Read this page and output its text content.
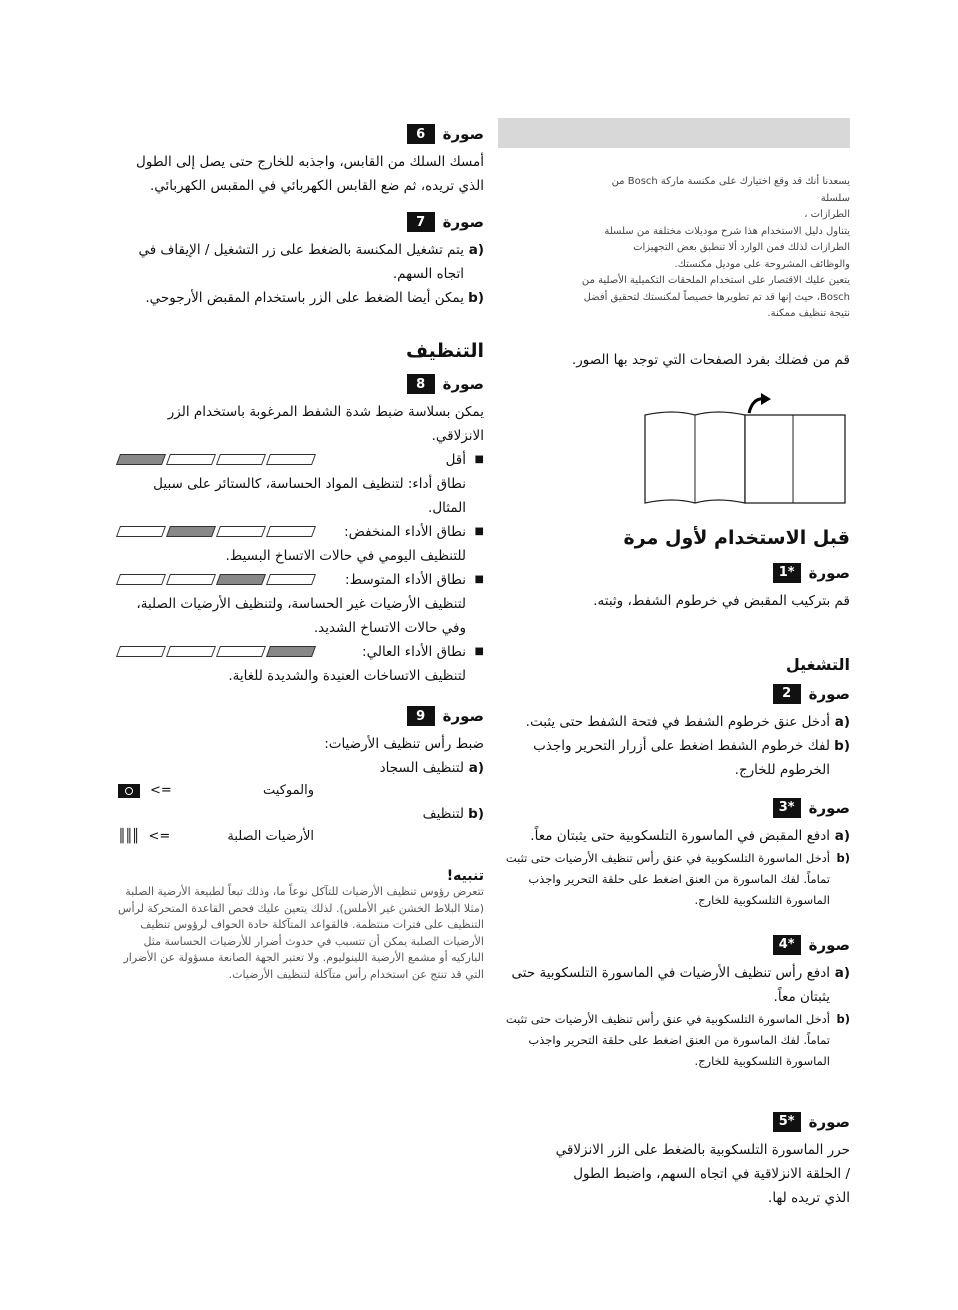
يسعدنا أنك قد وقع اختيارك على مكنسة ماركة Bosch من سلسلة
الطرازات ،
يتناول دليل الاستخدام هذا شرح موديلات مختلفة من سلسلة
الطرازات لذلك فمن الوارد ألا تنطبق بعض التجهيزات
والوظائف المشروحة على موديل مكنستك.
يتعين عليك الاقتصار على استخدام الملحقات التكميلية الأصلية من
Bosch، حيث إنها قد تم تطويرها خصيصاً لمكنستك لتحقيق أفضل
نتيجة تنظيف ممكنة.
قم من فضلك بفرد الصفحات التي توجد بها الصور.
قبل الاستخدام لأول مرة
صورة
1*

قم بتركيب المقبض في خرطوم الشفط، وثبته.

التشغيل
صورة
2
a)
أدخل عنق خرطوم الشفط في فتحة الشفط حتى يثبت.
b)
لفك خرطوم الشفط اضغط على أزرار التحرير واجذب الخرطوم للخارج.
صورة
3*
a)
ادفع المقبض في الماسورة التلسكوبية حتى يثبتان معاً.
b)
أدخل الماسورة التلسكوبية في عنق رأس تنظيف الأرضيات حتى تثبت تماماً. لفك الماسورة من العنق اضغط على حلقة التحرير واجذب الماسورة التلسكوبية للخارج.
صورة
4*
a)
ادفع رأس تنظيف الأرضيات في الماسورة التلسكوبية حتى يثبتان معاً.
b)
أدخل الماسورة التلسكوبية في عنق رأس تنظيف الأرضيات حتى تثبت تماماً. لفك الماسورة من العنق اضغط على حلقة التحرير واجذب الماسورة التلسكوبية للخارج.
صورة
5*

حرر الماسورة التلسكوبية بالضغط على الزر الانزلاقي / الحلقة الانزلاقية في اتجاه السهم، واضبط الطول الذي تريده لها.

صورة
6

أمسك السلك من القابس، واجذبه للخارج حتى يصل إلى الطول الذي تريده، ثم ضع القابس الكهربائي في المقبس الكهربائي.

صورة
7
a)
يتم تشغيل المكنسة بالضغط على زر التشغيل / الإيقاف في اتجاه السهم.
b)
يمكن أيضا الضغط على الزر باستخدام المقبض الأرجوحي.
التنظيف
صورة
8

يمكن بسلاسة ضبط شدة الشفط المرغوبة باستخدام الزر الانزلاقي.

■
أقل
نطاق أداء: لتنظيف المواد الحساسة، كالستائر على سبيل المثال.
■
نطاق الأداء المنخفض:
للتنظيف اليومي في حالات الاتساخ البسيط.
■
نطاق الأداء المتوسط:
لتنظيف الأرضيات غير الحساسة، ولتنظيف الأرضيات الصلبة، وفي حالات الاتساخ الشديد.
■
نطاق الأداء العالي:
لتنظيف الاتساخات العنيدة والشديدة للغاية.
صورة
9

ضبط رأس تنظيف الأرضيات:

a)
لتنظيف السجاد
والموكيت
<=
b)
لتنظيف
الأرضيات الصلبة
║║║ <=
تنبيه!
تتعرض رؤوس تنظيف الأرضيات للتآكل نوعاً ما، وذلك تبعاً لطبيعة الأرضية الصلبة (مثلا البلاط الخشن غير الأملس). لذلك يتعين عليك فحص القاعدة المتحركة لرأس التنظيف على فترات منتظمة. فالقواعد المتآكلة حادة الحواف لرؤوس تنظيف الأرضيات الصلبة يمكن أن تتسبب في حدوث أضرار للأرضيات الحساسة مثل الباركيه أو مشمع الأرضية اللينوليوم. ولا تعتبر الجهة الصانعة مسؤولة عن الأضرار التي قد تنتج عن استخدام رأس متآكلة لتنظيف الأرضيات.
